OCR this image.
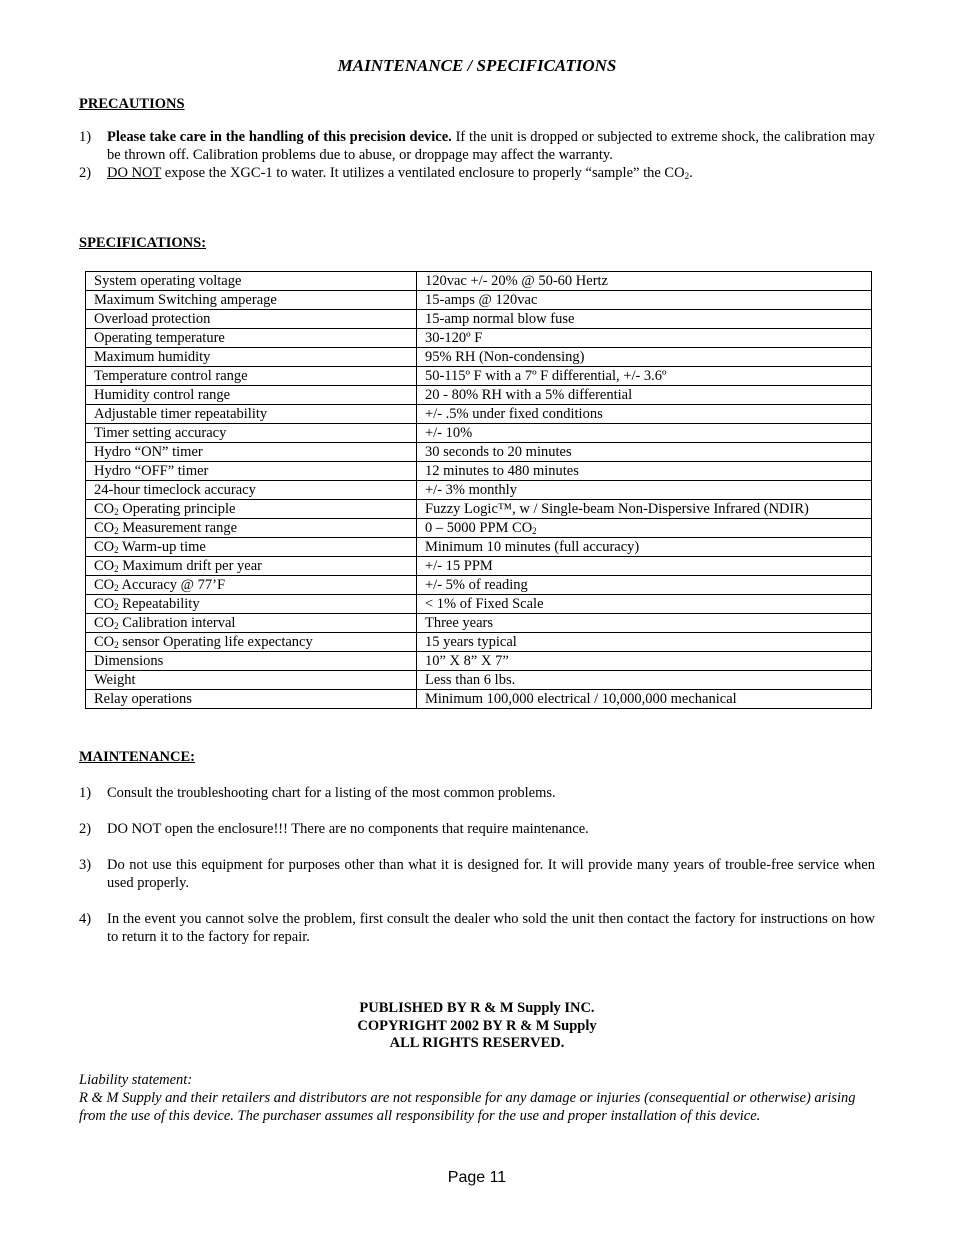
MAINTENANCE / SPECIFICATIONS
PRECAUTIONS
1) Please take care in the handling of this precision device. If the unit is dropped or subjected to extreme shock, the calibration may be thrown off. Calibration problems due to abuse, or droppage may affect the warranty.
2) DO NOT expose the XGC-1 to water. It utilizes a ventilated enclosure to properly “sample” the $CO_2$.
SPECIFICATIONS:
System operating voltage	120vac +/- 20% @ 50-60 Hertz
Maximum Switching amperage	15-amps @ 120vac
Overload protection	15-amp normal blow fuse
Operating temperature	30-120º F
Maximum humidity	95% RH (Non-condensing)
Temperature control range	50-115º F with a 7º F differential, +/- 3.6º
Humidity control range	20 - 80% RH with a 5% differential
Adjustable timer repeatability	+/- .5% under fixed conditions
Timer setting accuracy	+/- 10%
Hydro “ON” timer	30 seconds to 20 minutes
Hydro “OFF” timer	12 minutes to 480 minutes
24-hour timeclock accuracy	+/- 3% monthly
$CO_2$ Operating principle	Fuzzy Logic™, w / Single-beam Non-Dispersive Infrared (NDIR)
$CO_2$ Measurement range	0 – 5000 PPM $CO_2$
$CO_2$ Warm-up time	Minimum 10 minutes (full accuracy)
$CO_2$ Maximum drift per year	+/- 15 PPM
$CO_2$ Accuracy @ 77’F	+/- 5% of reading
$CO_2$ Repeatability	< 1% of Fixed Scale
$CO_2$ Calibration interval	Three years
$CO_2$ sensor Operating life expectancy	15 years typical
Dimensions	10” X 8” X 7”
Weight	Less than 6 lbs.
Relay operations	Minimum 100,000 electrical / 10,000,000 mechanical
MAINTENANCE:
1) Consult the troubleshooting chart for a listing of the most common problems.
2) DO NOT open the enclosure!!! There are no components that require maintenance.
3) Do not use this equipment for purposes other than what it is designed for. It will provide many years of trouble-free service when used properly.
4) In the event you cannot solve the problem, first consult the dealer who sold the unit then contact the factory for instructions on how to return it to the factory for repair.
PUBLISHED BY R & M Supply INC.
COPYRIGHT 2002 BY R & M Supply
ALL RIGHTS RESERVED.
Liability statement:
R & M Supply and their retailers and distributors are not responsible for any damage or injuries (consequential or otherwise) arising from the use of this device. The purchaser assumes all responsibility for the use and proper installation of this device.
Page 11
